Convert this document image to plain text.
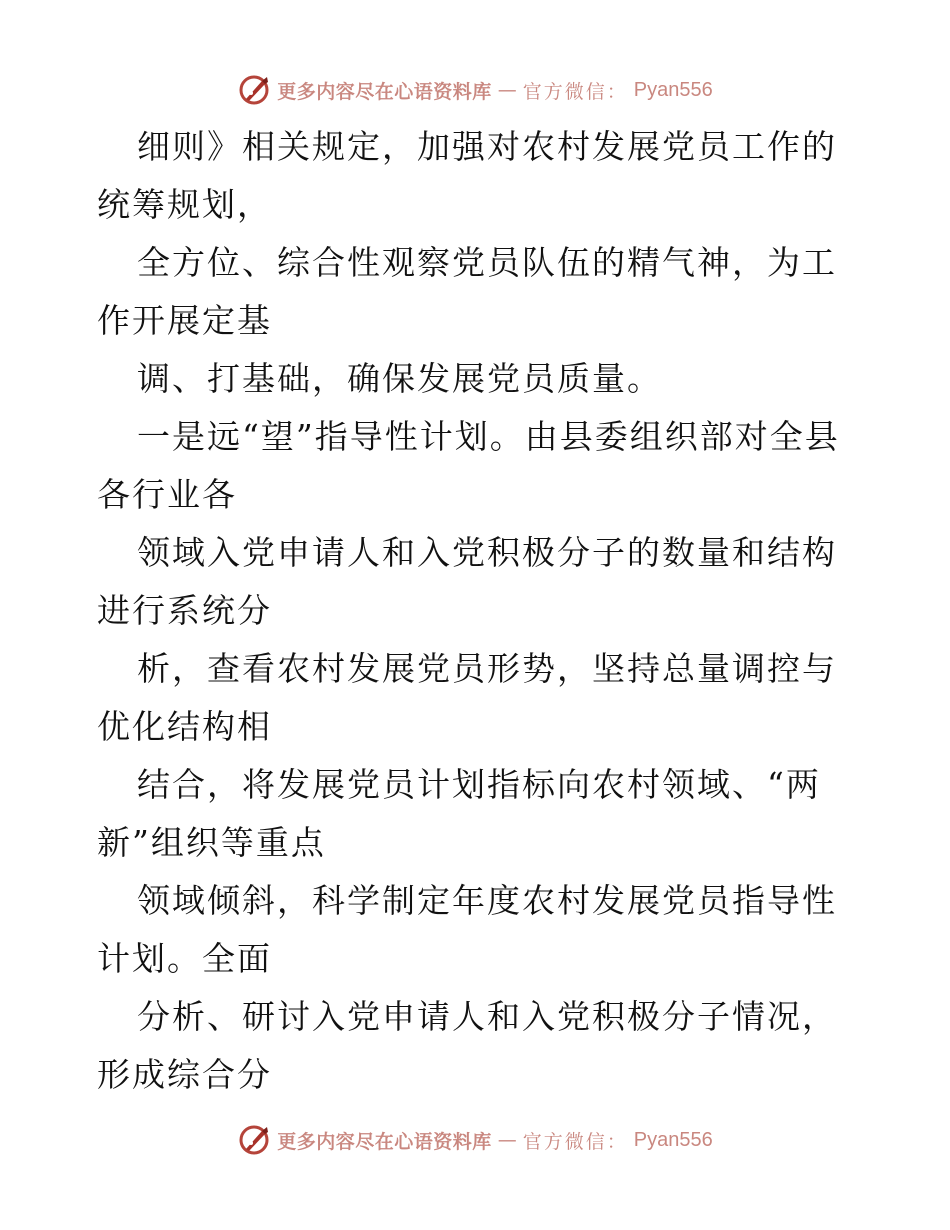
更多内容尽在心语资料库 — 官方微信： Pyan556

细则》相关规定，加强对农村发展党员工作的统筹规划，

全方位、综合性观察党员队伍的精气神，为工作开展定基

调、打基础，确保发展党员质量。

一是远“望”指导性计划。由县委组织部对全县各行业各

领域入党申请人和入党积极分子的数量和结构进行系统分

析，查看农村发展党员形势，坚持总量调控与优化结构相

结合，将发展党员计划指标向农村领域、“两新”组织等重点

领域倾斜，科学制定年度农村发展党员指导性计划。全面

分析、研讨入党申请人和入党积极分子情况，形成综合分

更多内容尽在心语资料库 — 官方微信： Pyan556
